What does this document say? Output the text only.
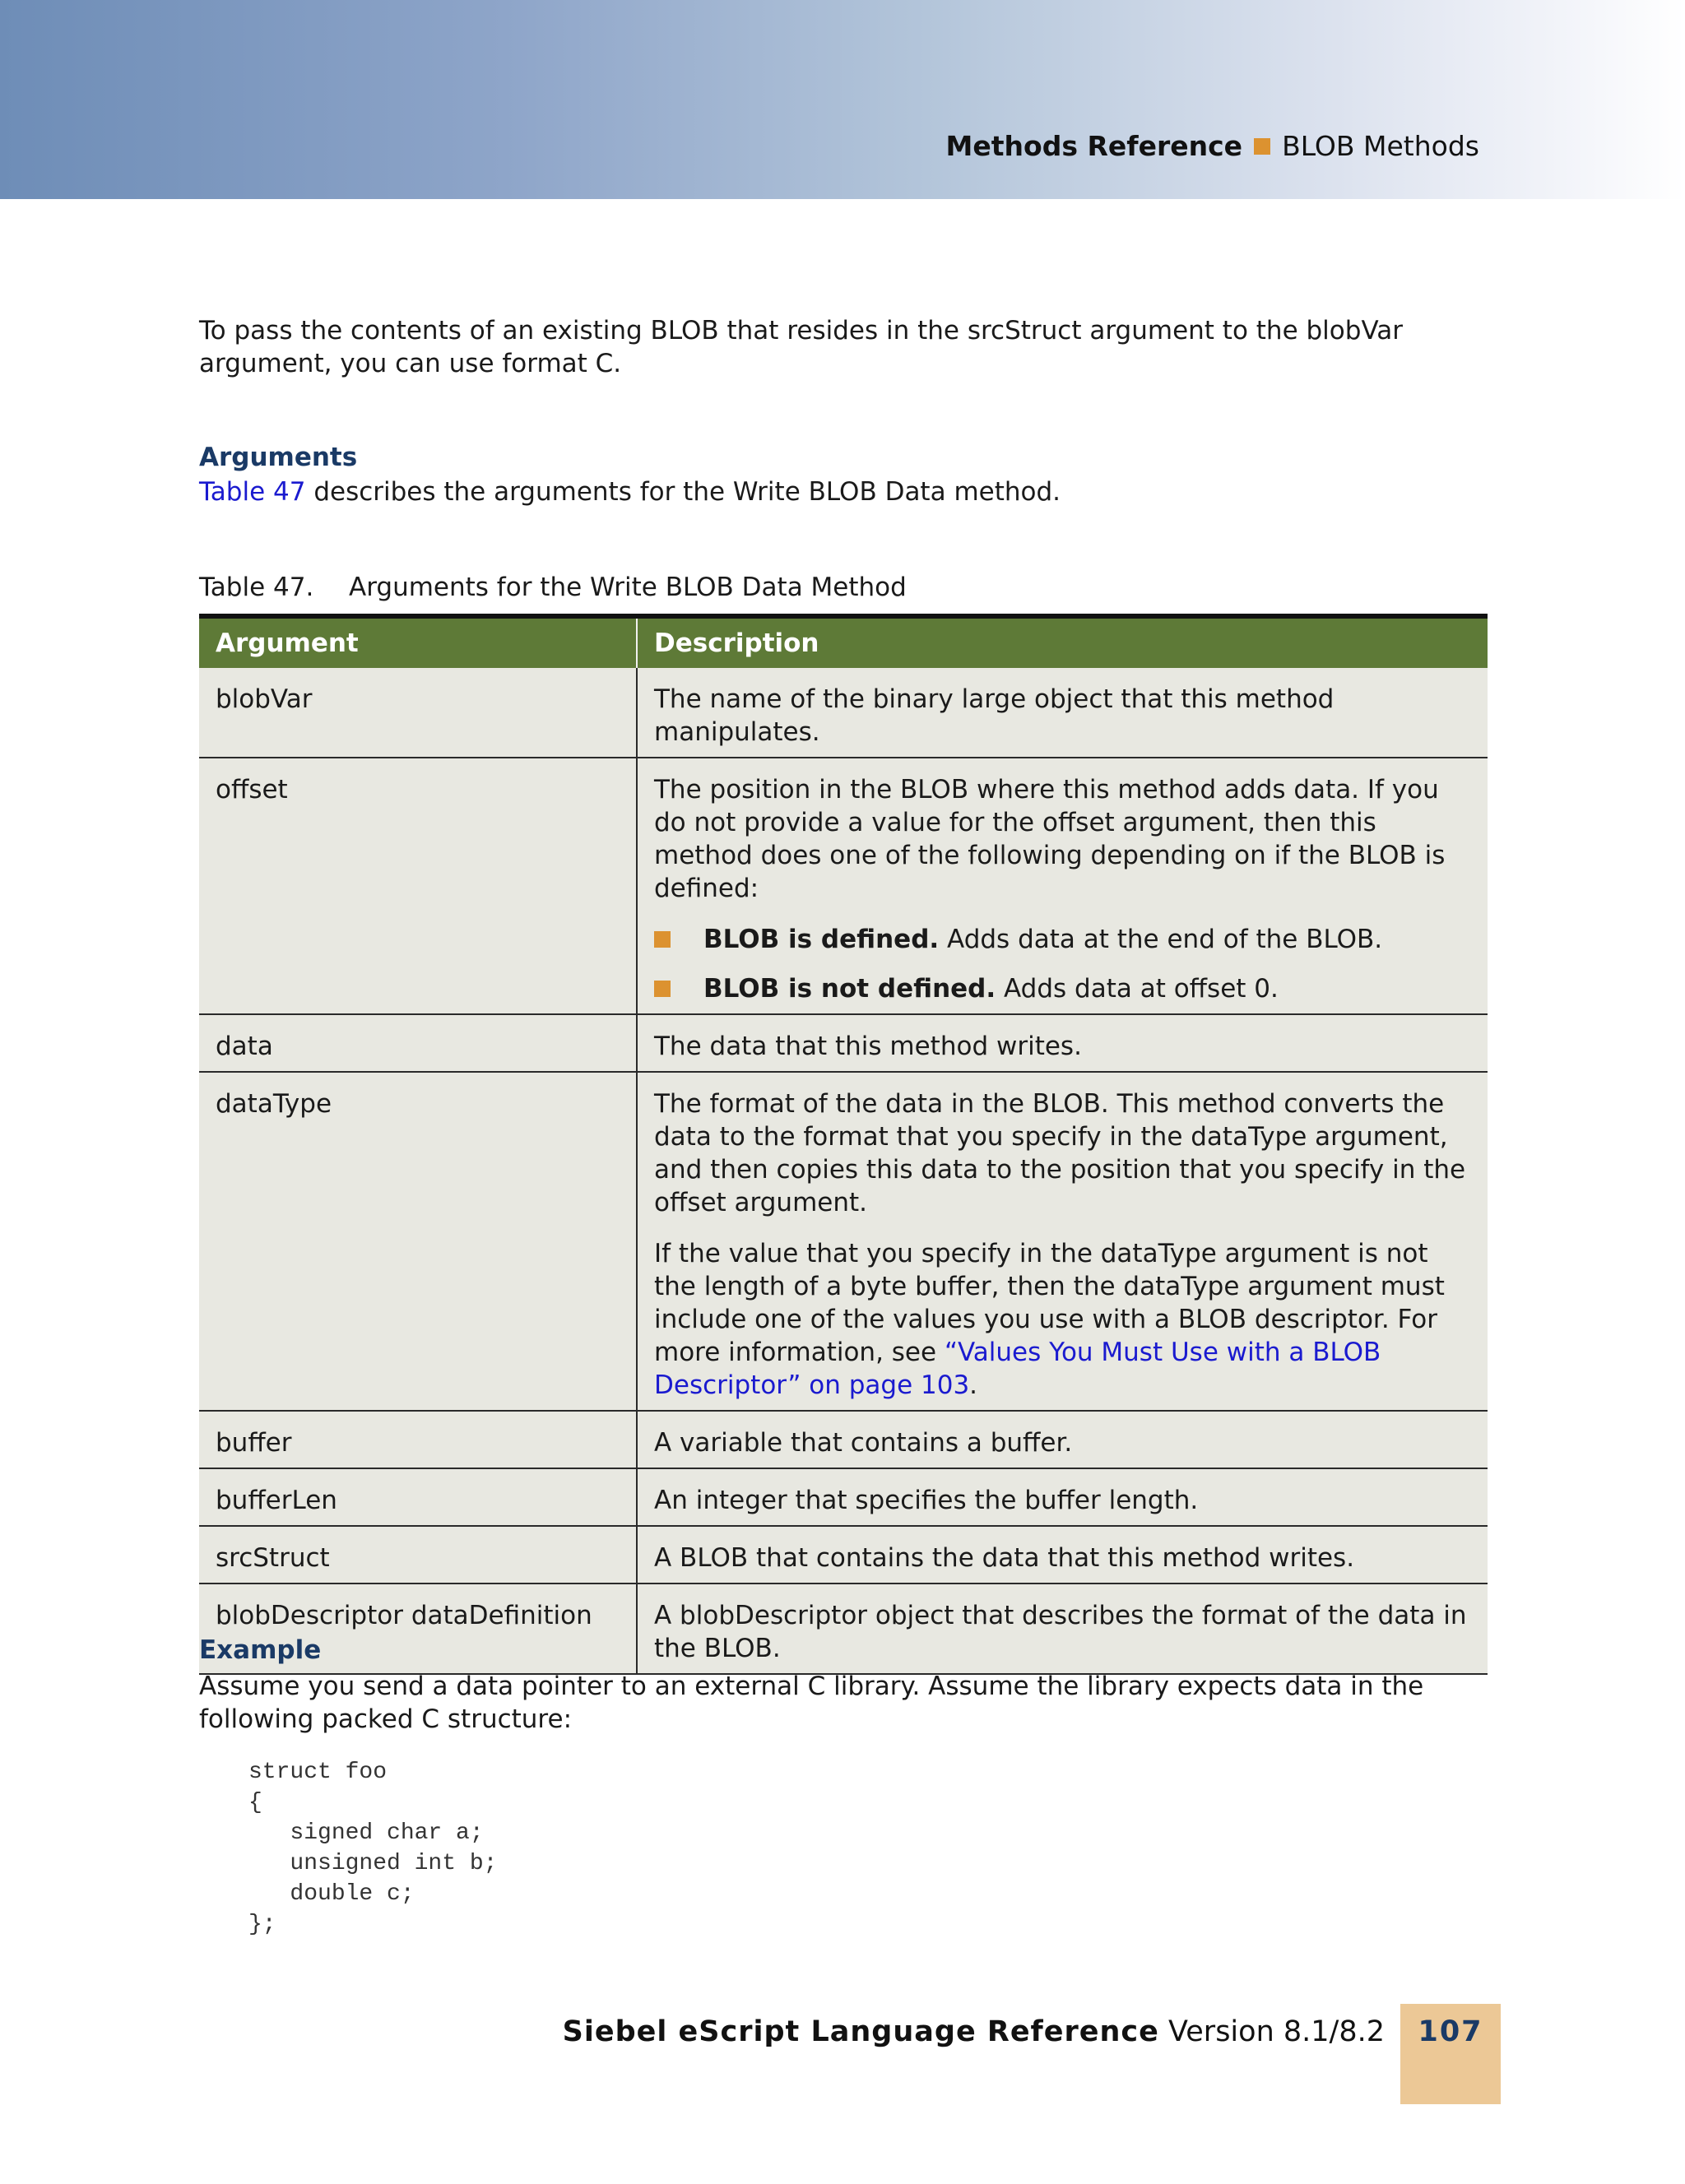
Methods Reference BLOB Methods

To pass the contents of an existing BLOB that resides in the srcStruct argument to the blobVar argument, you can use format C.

Arguments

Table 47 describes the arguments for the Write BLOB Data method.

Table 47. Arguments for the Write BLOB Data Method
Argument	Description
blobVar	The name of the binary large object that this method manipulates.
offset	The position in the BLOB where this method adds data. If you do not provide a value for the offset argument, then this method does one of the following depending on if the BLOB is defined:

BLOB is defined. Adds data at the end of the BLOB.
BLOB is not defined. Adds data at offset 0.

data	The data that this method writes.
dataType	The format of the data in the BLOB. This method converts the data to the format that you specify in the dataType argument, and then copies this data to the position that you specify in the offset argument.

If the value that you specify in the dataType argument is not the length of a byte buffer, then the dataType argument must include one of the values you use with a BLOB descriptor. For more information, see “Values You Must Use with a BLOB Descriptor” on page 103.

buffer	A variable that contains a buffer.
bufferLen	An integer that specifies the buffer length.
srcStruct	A BLOB that contains the data that this method writes.
blobDescriptor dataDefinition	A blobDescriptor object that describes the format of the data in the BLOB.
Example

Assume you send a data pointer to an external C library. Assume the library expects data in the following packed C structure:

struct foo
{
signed char a;
unsigned int b;
double c;
};
Siebel eScript Language Reference Version 8.1/8.2	107
